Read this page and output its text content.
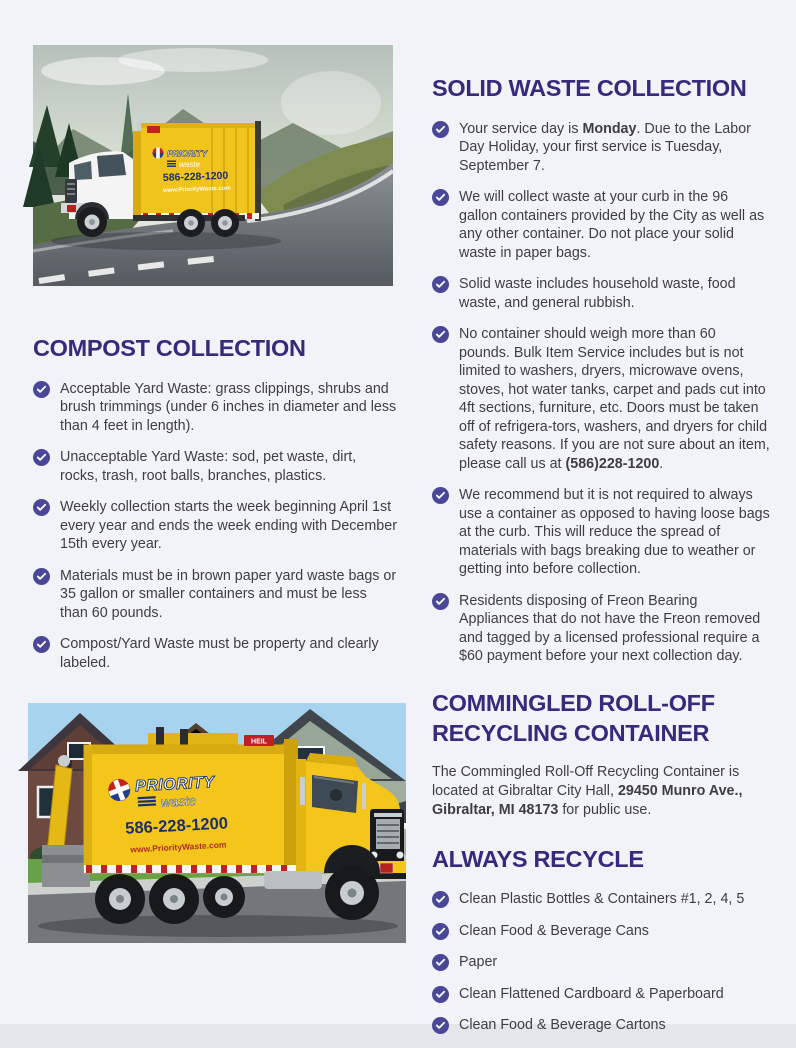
PRIORITY
waste
586-228-1200
www.PriorityWaste.com
COMPOST COLLECTION
Acceptable Yard Waste: grass clippings, shrubs and brush trimmings (under 6 inches in diameter and less than 4 feet in length).
Unacceptable Yard Waste: sod, pet waste, dirt, rocks, trash, root balls, branches, plastics.
Weekly collection starts the week beginning April 1st every year and ends the week ending with December 15th every year.
Materials must be in brown paper yard waste bags or 35 gallon or smaller containers and must be less than 60 pounds.
Compost/Yard Waste must be property and clearly labeled.
HEIL
PRIORITY
waste
586-228-1200
www.PriorityWaste.com
SOLID WASTE COLLECTION
Your service day is Monday. Due to the Labor Day Holiday, your first service is Tuesday, September 7.
We will collect waste at your curb in the 96 gallon containers provided by the City as well as any other container. Do not place your solid waste in paper bags.
Solid waste includes household waste, food waste, and general rubbish.
No container should weigh more than 60 pounds. Bulk Item Service includes but is not limited to washers, dryers, microwave ovens, stoves, hot water tanks, carpet and pads cut into 4ft sections, furniture, etc. Doors must be taken off of refrigera-tors, washers, and dryers for child safety reasons. If you are not sure about an item, please call us at (586)228-1200.
We recommend but it is not required to always use a container as opposed to having loose bags at the curb. This will reduce the spread of materials with bags breaking due to weather or getting into before collection.
Residents disposing of Freon Bearing Appliances that do not have the Freon removed and tagged by a licensed professional require a $60 payment before your next collection day.
COMMINGLED ROLL-OFF
RECYCLING CONTAINER

The Commingled Roll-Off Recycling Container is located at Gibraltar City Hall, 29450 Munro Ave., Gibraltar, MI 48173 for public use.

ALWAYS RECYCLE
Clean Plastic Bottles & Containers #1, 2, 4, 5
Clean Food & Beverage Cans
Paper
Clean Flattened Cardboard & Paperboard
Clean Food & Beverage Cartons
